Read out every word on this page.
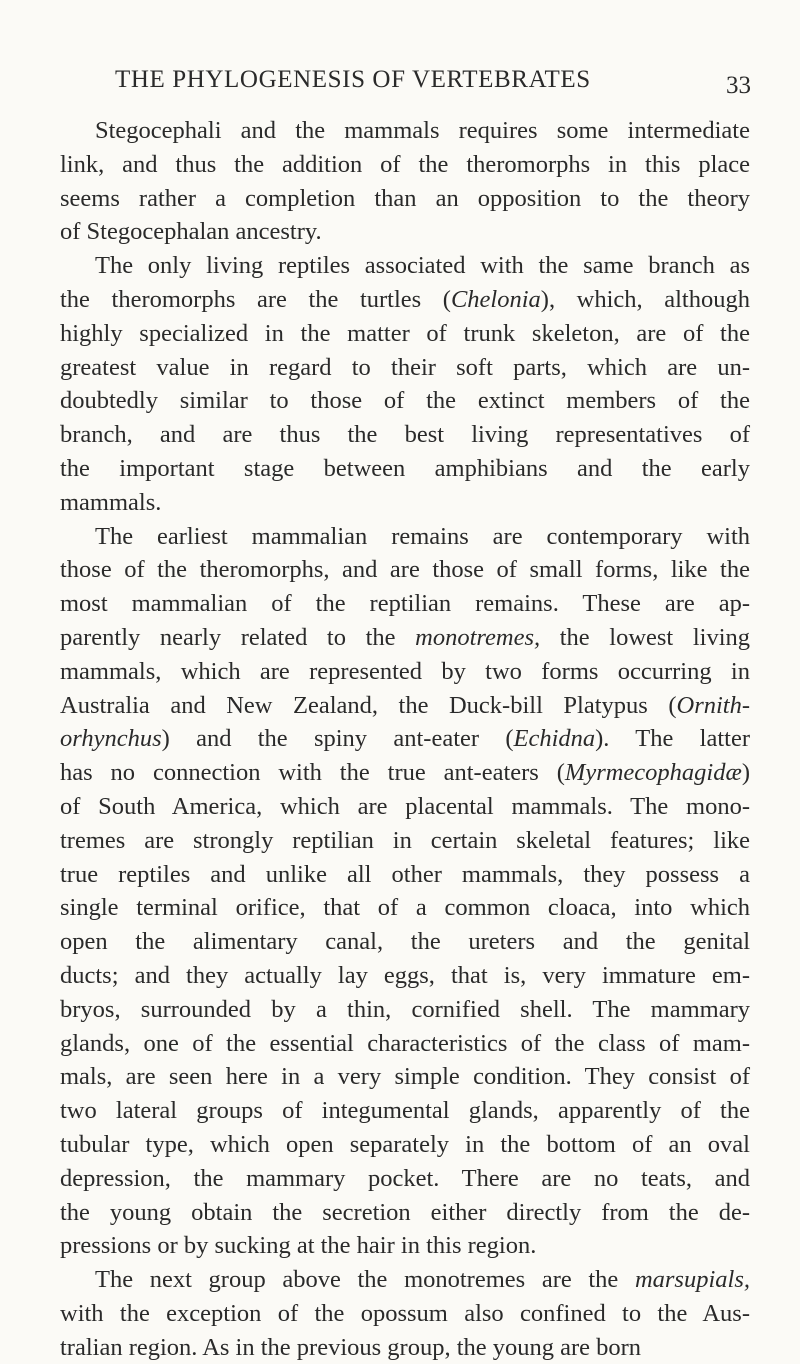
THE PHYLOGENESIS OF VERTEBRATES	33
Stegocephali and the mammals requires some intermediate
link, and thus the addition of the theromorphs in this place
seems rather a completion than an opposition to the theory
of Stegocephalan ancestry.
The only living reptiles associated with the same branch as
the theromorphs are the turtles (Chelonia), which, although
highly specialized in the matter of trunk skeleton, are of the
greatest value in regard to their soft parts, which are un-
doubtedly similar to those of the extinct members of the
branch, and are thus the best living representatives of
the important stage between amphibians and the early
mammals.
The earliest mammalian remains are contemporary with
those of the theromorphs, and are those of small forms, like the
most mammalian of the reptilian remains. These are ap-
parently nearly related to the monotremes, the lowest living
mammals, which are represented by two forms occurring in
Australia and New Zealand, the Duck-bill Platypus (Ornith-
orhynchus) and the spiny ant-eater (Echidna). The latter
has no connection with the true ant-eaters (Myrmecophagidæ)
of South America, which are placental mammals. The mono-
tremes are strongly reptilian in certain skeletal features; like
true reptiles and unlike all other mammals, they possess a
single terminal orifice, that of a common cloaca, into which
open the alimentary canal, the ureters and the genital
ducts; and they actually lay eggs, that is, very immature em-
bryos, surrounded by a thin, cornified shell. The mammary
glands, one of the essential characteristics of the class of mam-
mals, are seen here in a very simple condition. They consist of
two lateral groups of integumental glands, apparently of the
tubular type, which open separately in the bottom of an oval
depression, the mammary pocket. There are no teats, and
the young obtain the secretion either directly from the de-
pressions or by sucking at the hair in this region.
The next group above the monotremes are the marsupials,
with the exception of the opossum also confined to the Aus-
tralian region. As in the previous group, the young are born
